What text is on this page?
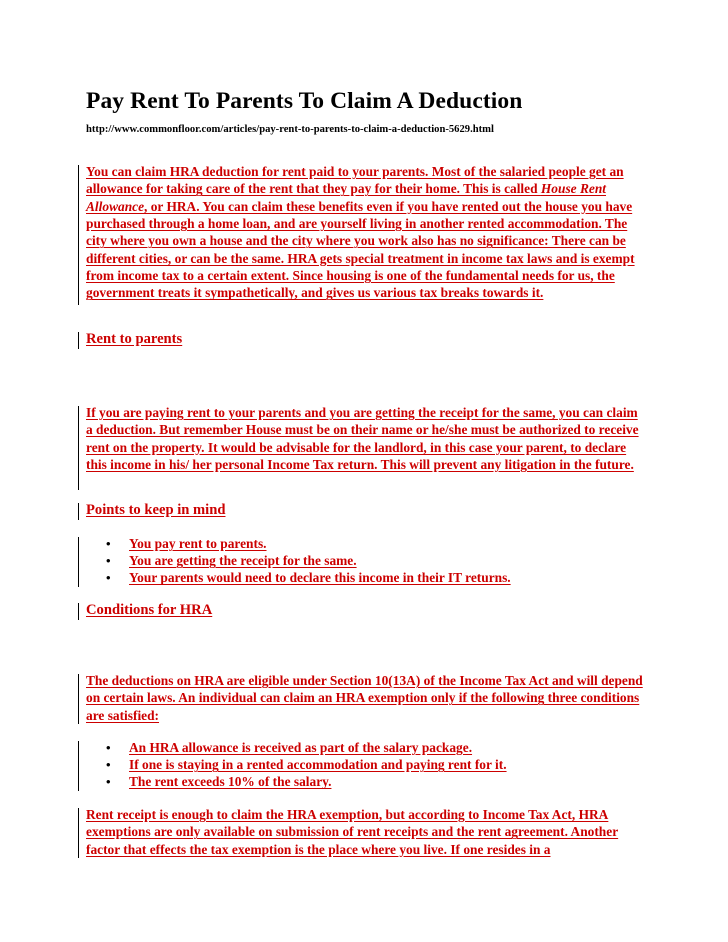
Pay Rent To Parents To Claim A Deduction
http://www.commonfloor.com/articles/pay-rent-to-parents-to-claim-a-deduction-5629.html

You can claim HRA deduction for rent paid to your parents. Most of the salaried people get an allowance for taking care of the rent that they pay for their home. This is called House Rent Allowance, or HRA. You can claim these benefits even if you have rented out the house you have purchased through a home loan, and are yourself living in another rented accommodation. The city where you own a house and the city where you work also has no significance: There can be different cities, or can be the same. HRA gets special treatment in income tax laws and is exempt from income tax to a certain extent. Since housing is one of the fundamental needs for us, the government treats it sympathetically, and gives us various tax breaks towards it.

Rent to parents

If you are paying rent to your parents and you are getting the receipt for the same, you can claim a deduction. But remember House must be on their name or he/she must be authorized to receive rent on the property. It would be advisable for the landlord, in this case your parent, to declare this income in his/ her personal Income Tax return. This will prevent any litigation in the future.

Points to keep in mind
• You pay rent to parents.
• You are getting the receipt for the same.
• Your parents would need to declare this income in their IT returns.
Conditions for HRA

The deductions on HRA are eligible under Section 10(13A) of the Income Tax Act and will depend on certain laws. An individual can claim an HRA exemption only if the following three conditions are satisfied:

• An HRA allowance is received as part of the salary package.
• If one is staying in a rented accommodation and paying rent for it.
• The rent exceeds 10% of the salary.

Rent receipt is enough to claim the HRA exemption, but according to Income Tax Act, HRA exemptions are only available on submission of rent receipts and the rent agreement. Another factor that effects the tax exemption is the place where you live. If one resides in a
